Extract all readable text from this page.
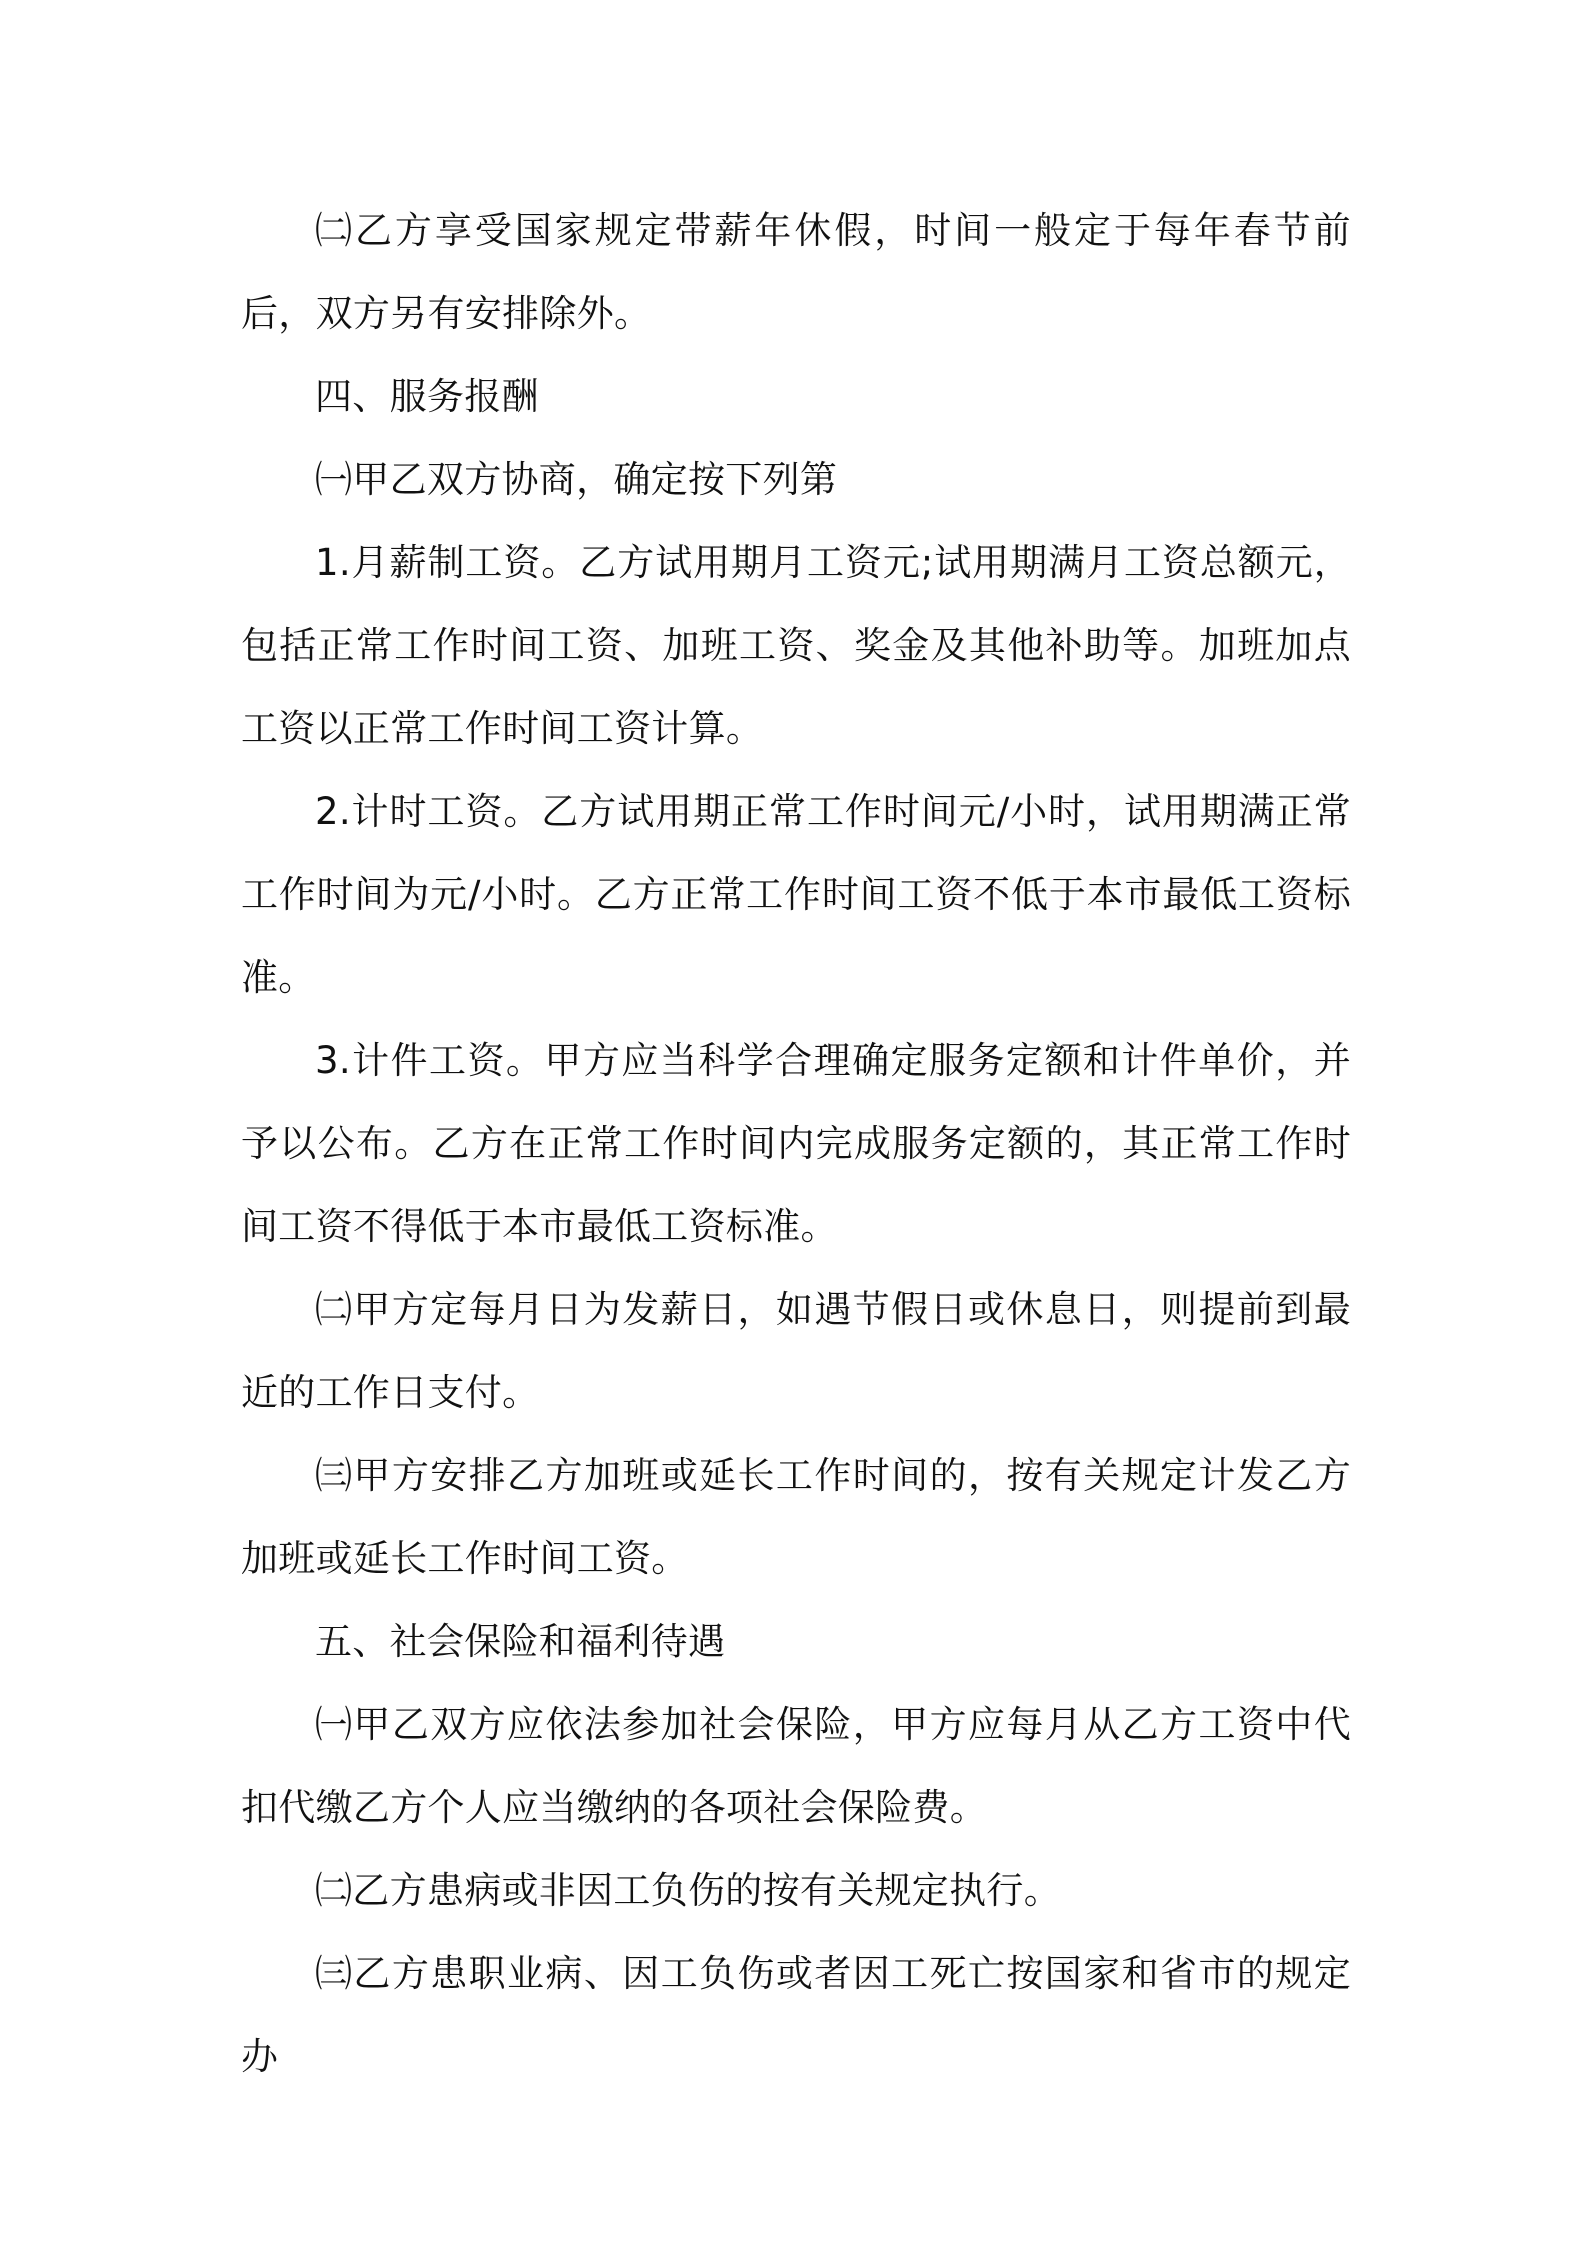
㈡乙方享受国家规定带薪年休假，时间一般定于每年春节前后，双方另有安排除外。

四、服务报酬

㈠甲乙双方协商，确定按下列第

1.月薪制工资。乙方试用期月工资元;试用期满月工资总额元，包括正常工作时间工资、加班工资、奖金及其他补助等。加班加点工资以正常工作时间工资计算。

2.计时工资。乙方试用期正常工作时间元/小时，试用期满正常工作时间为元/小时。乙方正常工作时间工资不低于本市最低工资标准。

3.计件工资。甲方应当科学合理确定服务定额和计件单价，并予以公布。乙方在正常工作时间内完成服务定额的，其正常工作时间工资不得低于本市最低工资标准。

㈡甲方定每月日为发薪日，如遇节假日或休息日，则提前到最近的工作日支付。

㈢甲方安排乙方加班或延长工作时间的，按有关规定计发乙方加班或延长工作时间工资。

五、社会保险和福利待遇

㈠甲乙双方应依法参加社会保险，甲方应每月从乙方工资中代扣代缴乙方个人应当缴纳的各项社会保险费。

㈡乙方患病或非因工负伤的按有关规定执行。

㈢乙方患职业病、因工负伤或者因工死亡按国家和省市的规定办
